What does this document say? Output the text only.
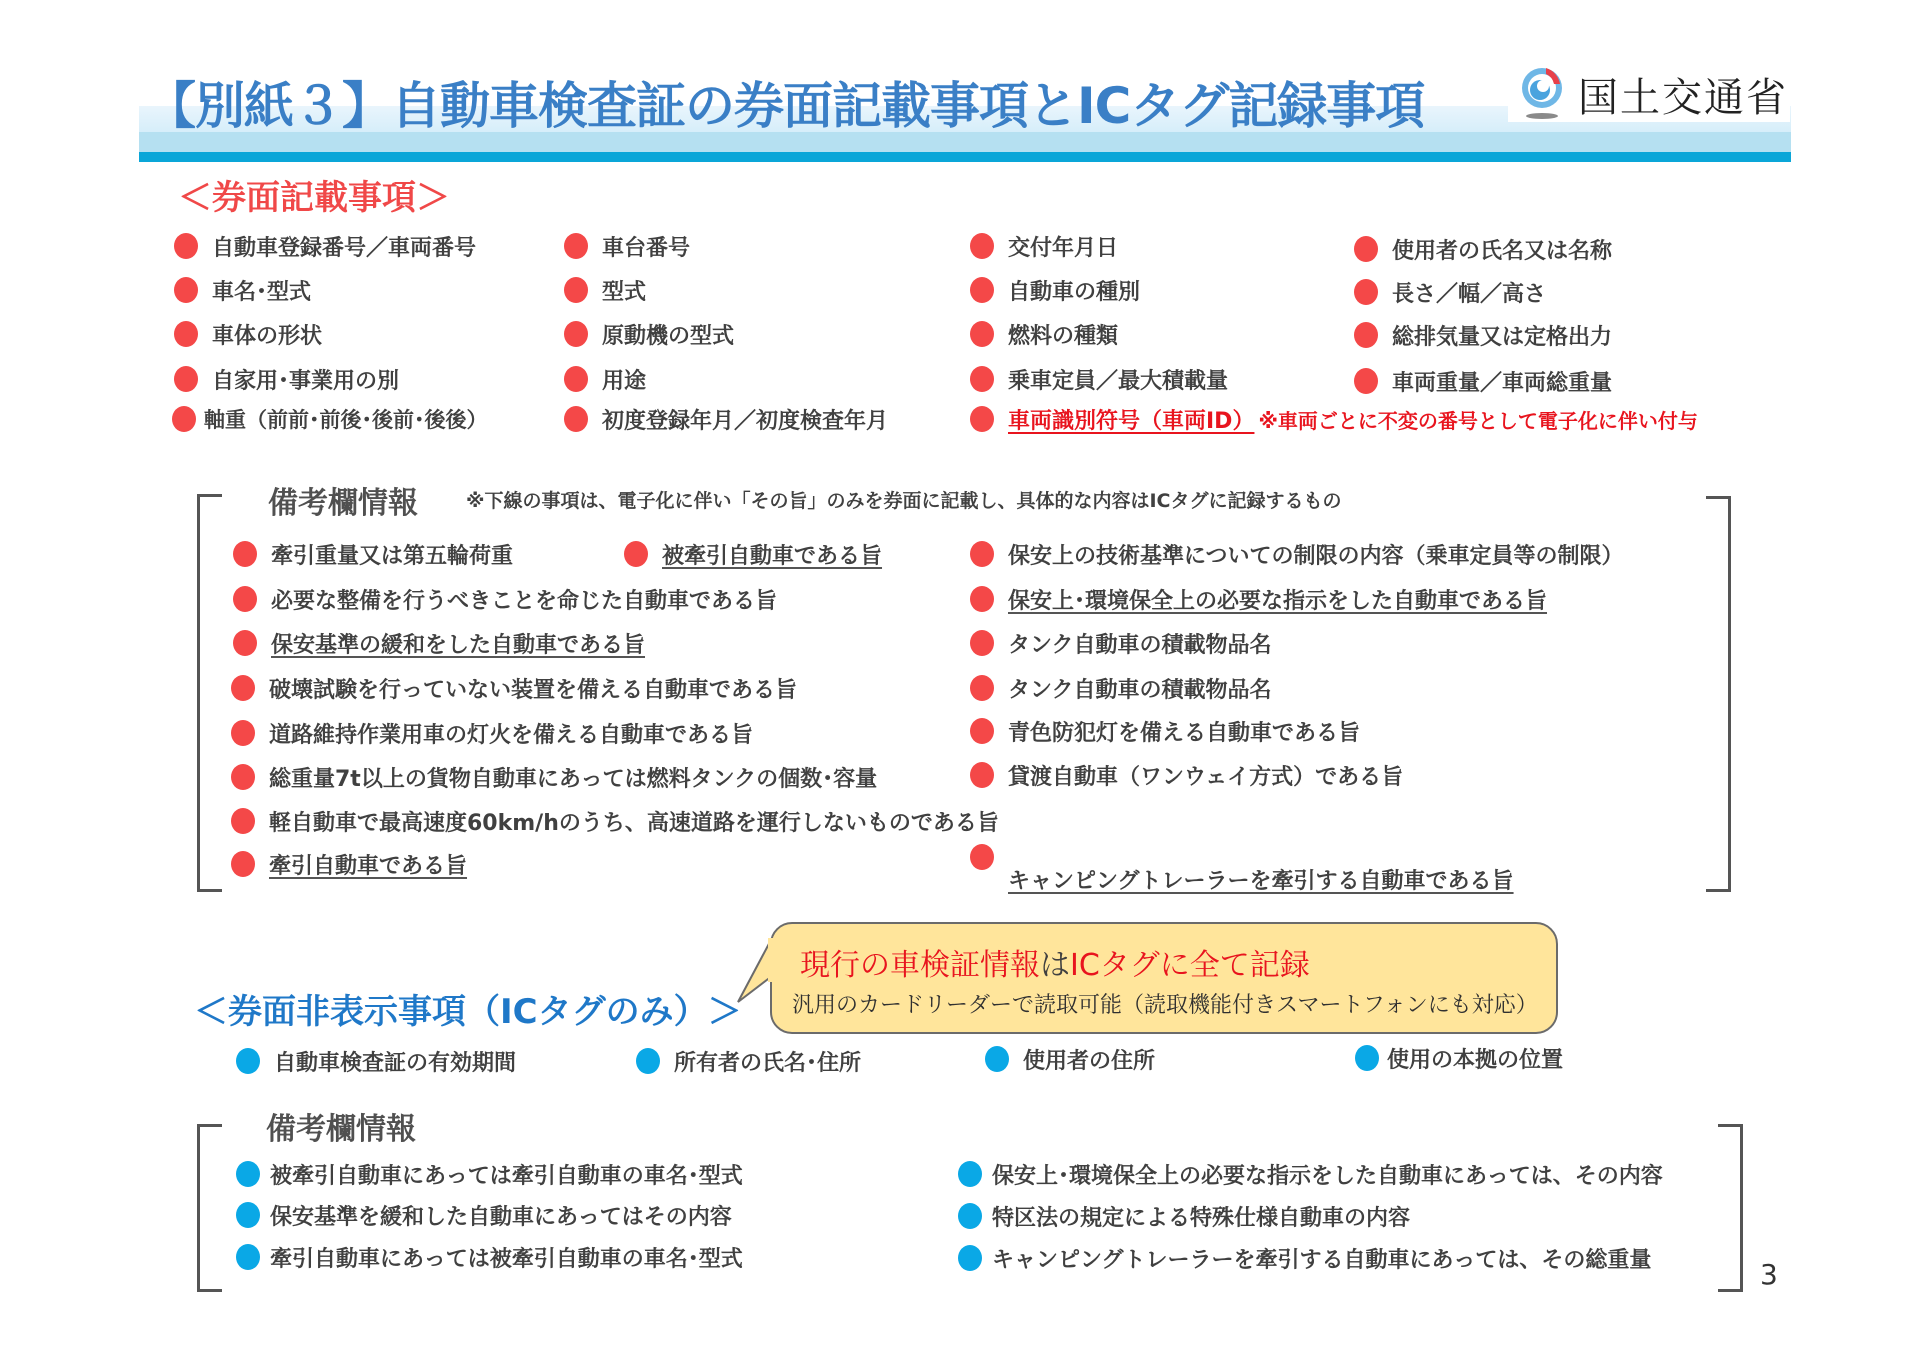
【別紙３】自動車検査証の券面記載事項とICタグ記録事項	国土交通省
＜券面記載事項＞
自動車登録番号／車両番号
車名･型式
車体の形状
自家用･事業用の別
軸重（前前･前後･後前･後後）
車台番号
型式
原動機の型式
用途
初度登録年月／初度検査年月
交付年月日
自動車の種別
燃料の種類
乗車定員／最大積載量
車両識別符号（車両ID） ※車両ごとに不変の番号として電子化に伴い付与
使用者の氏名又は名称
長さ／幅／高さ
総排気量又は定格出力
車両重量／車両総重量
備考欄情報	※下線の事項は、電子化に伴い「その旨」のみを券面に記載し、具体的な内容はICタグに記録するもの
牽引重量又は第五輪荷重	被牽引自動車である旨
必要な整備を行うべきことを命じた自動車である旨
保安基準の緩和をした自動車である旨
破壊試験を行っていない装置を備える自動車である旨
道路維持作業用車の灯火を備える自動車である旨
総重量7t以上の貨物自動車にあっては燃料タンクの個数･容量
軽自動車で最高速度60km/hのうち、高速道路を運行しないものである旨
牽引自動車である旨
保安上の技術基準についての制限の内容（乗車定員等の制限）
保安上･環境保全上の必要な指示をした自動車である旨
タンク自動車の積載物品名
タンク自動車の積載物品名
青色防犯灯を備える自動車である旨
貸渡自動車（ワンウェイ方式）である旨
キャンピングトレーラーを牽引する自動車である旨
現行の車検証情報はICタグに全て記録
汎用のカードリーダーで読取可能（読取機能付きスマートフォンにも対応）
＜券面非表示事項（ICタグのみ）＞
自動車検査証の有効期間	所有者の氏名･住所	使用者の住所	使用の本拠の位置
備考欄情報
被牽引自動車にあっては牽引自動車の車名･型式
保安基準を緩和した自動車にあってはその内容
牽引自動車にあっては被牽引自動車の車名･型式
保安上･環境保全上の必要な指示をした自動車にあっては、その内容
特区法の規定による特殊仕様自動車の内容
キャンピングトレーラーを牽引する自動車にあっては、その総重量	3
